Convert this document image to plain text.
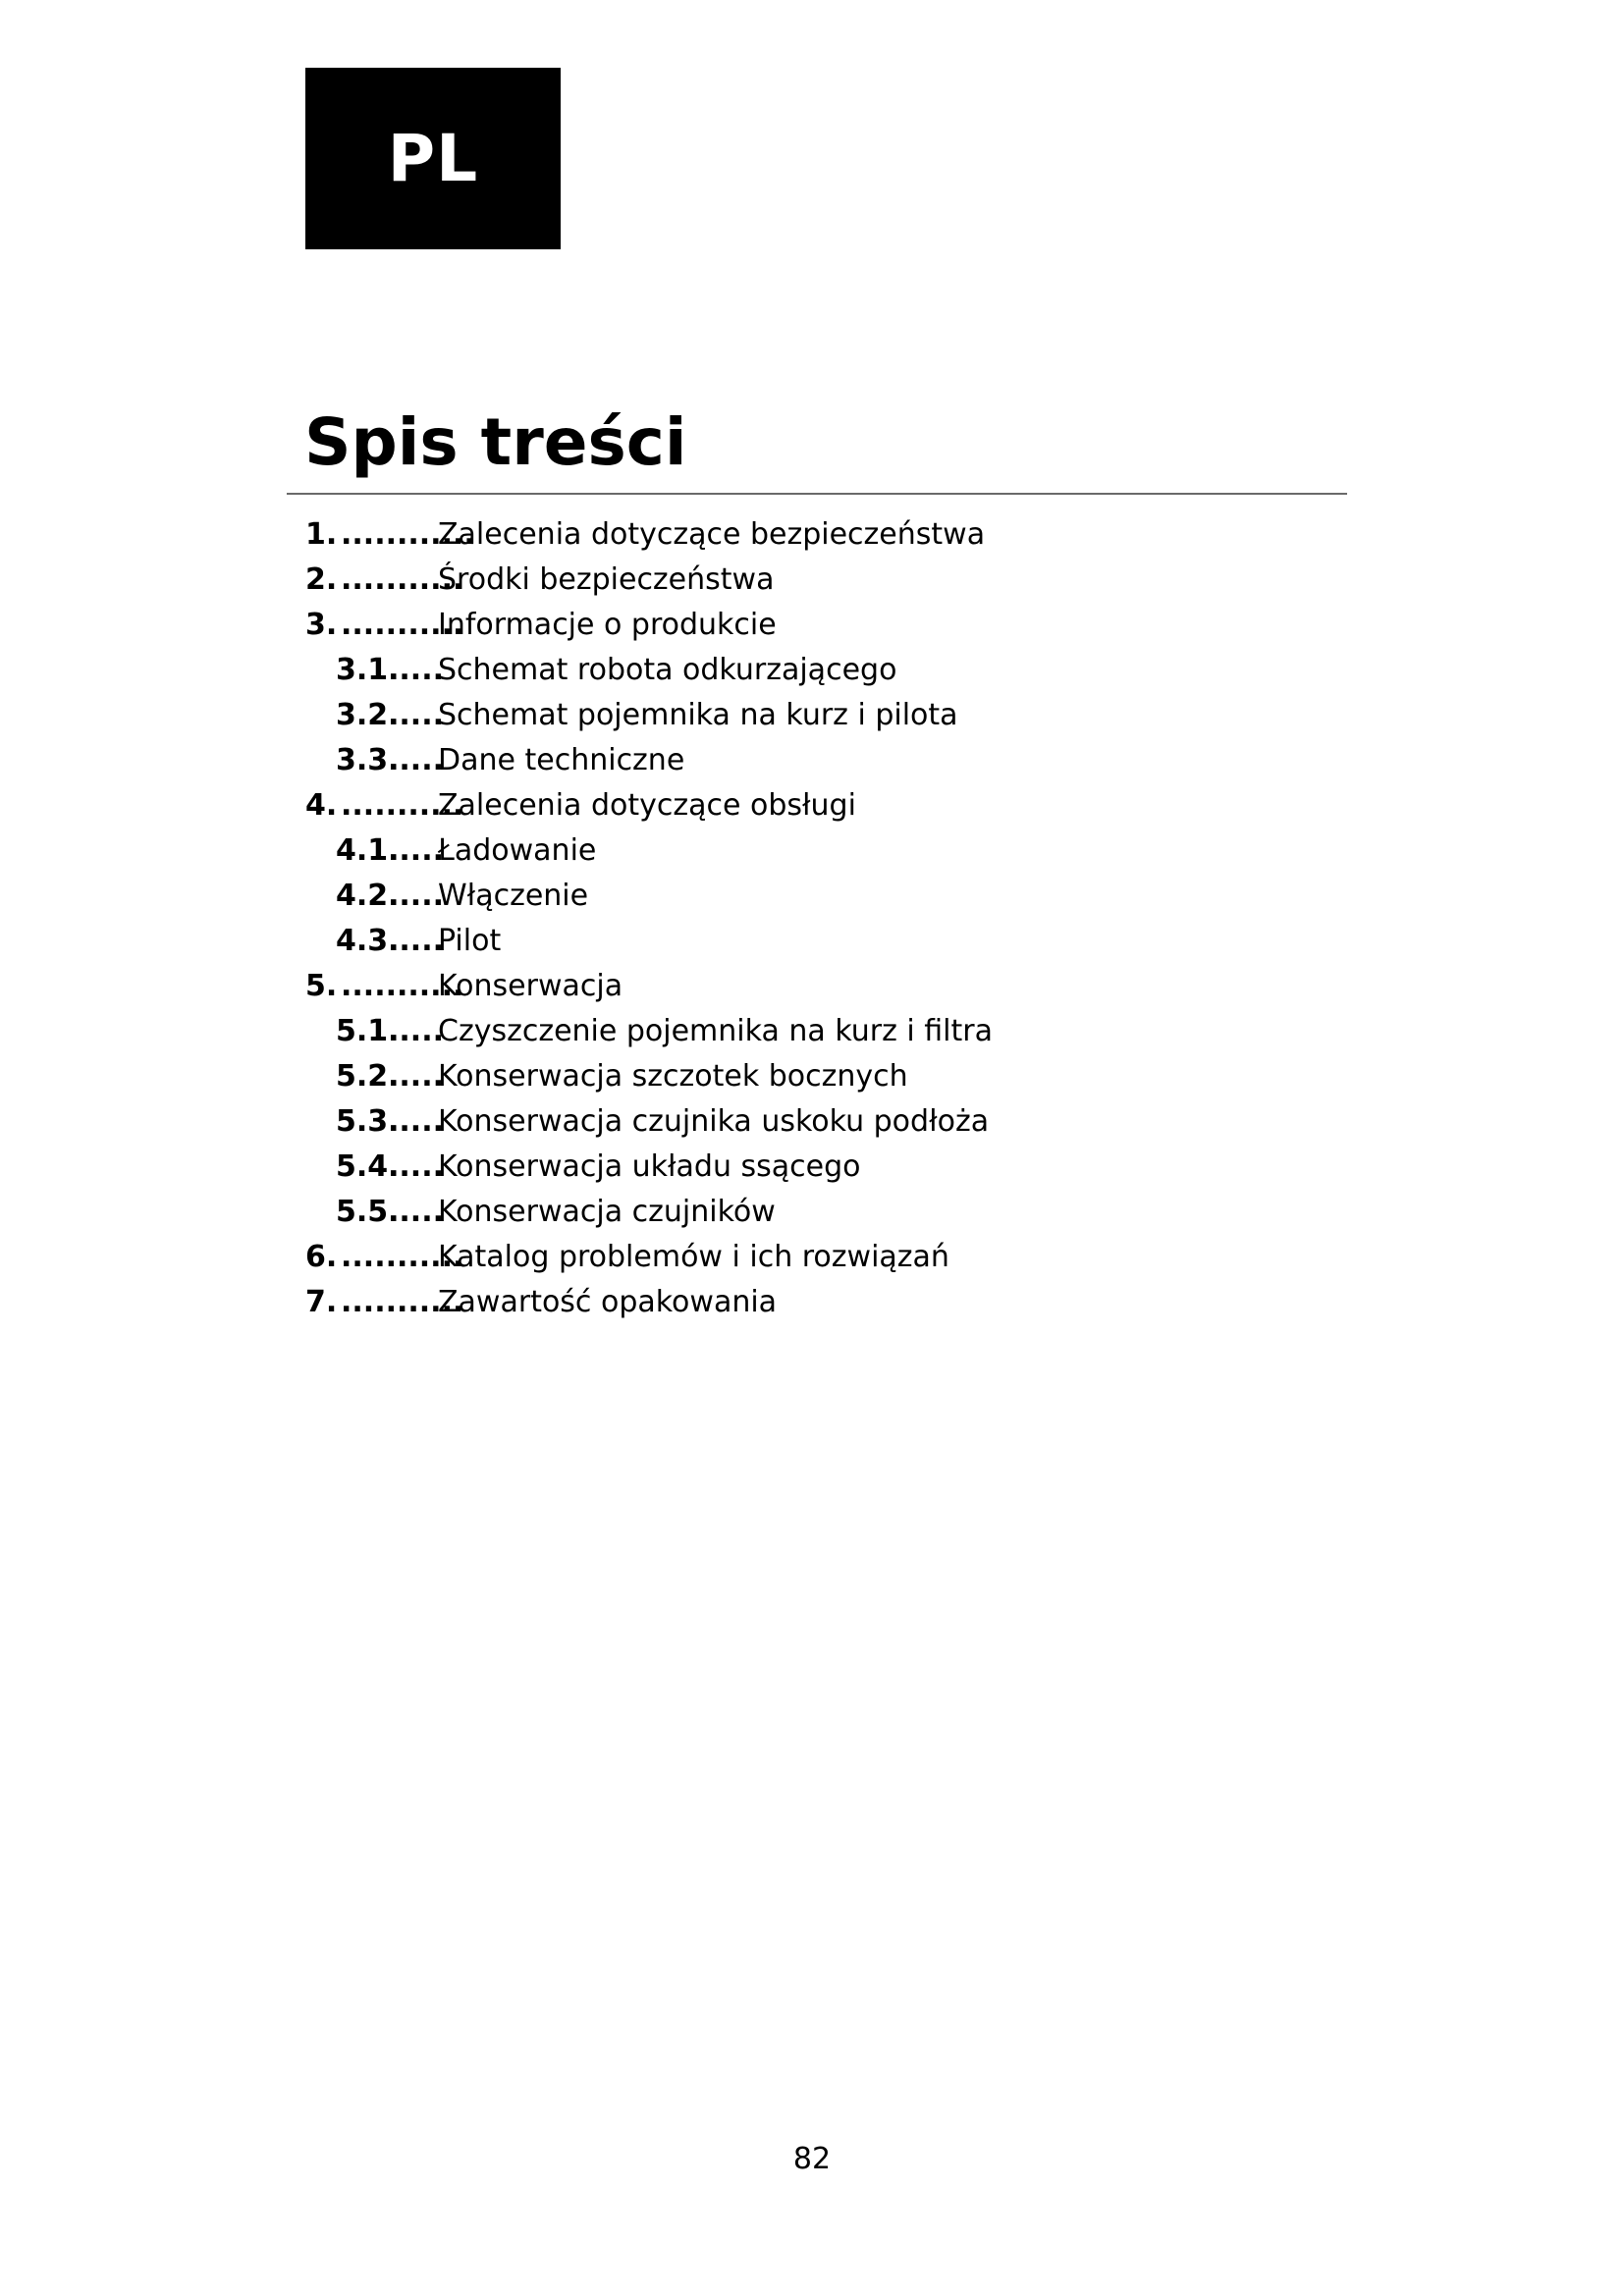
PL
Spis treści
1. ............
Zalecenia dotyczące bezpieczeństwa
2. ...........
Środki bezpieczeństwa
3. ...........
Informacje o produkcie
3.1.
.....
Schemat robota odkurzającego
3.2.
.....
Schemat pojemnika na kurz i pilota
3.3.
.....
Dane techniczne
4. ...........
Zalecenia dotyczące obsługi
4.1.
.....
Ładowanie
4.2.
.....
Włączenie
4.3.
.....
Pilot
5. ...........
Konserwacja
5.1.
.....
Czyszczenie pojemnika na kurz i filtra
5.2.
.....
Konserwacja szczotek bocznych
5.3.
.....
Konserwacja czujnika uskoku podłoża
5.4.
.....
Konserwacja układu ssącego
5.5.
.....
Konserwacja czujników
6. ...........
Katalog problemów i ich rozwiązań
7. ...........
Zawartość opakowania
82
